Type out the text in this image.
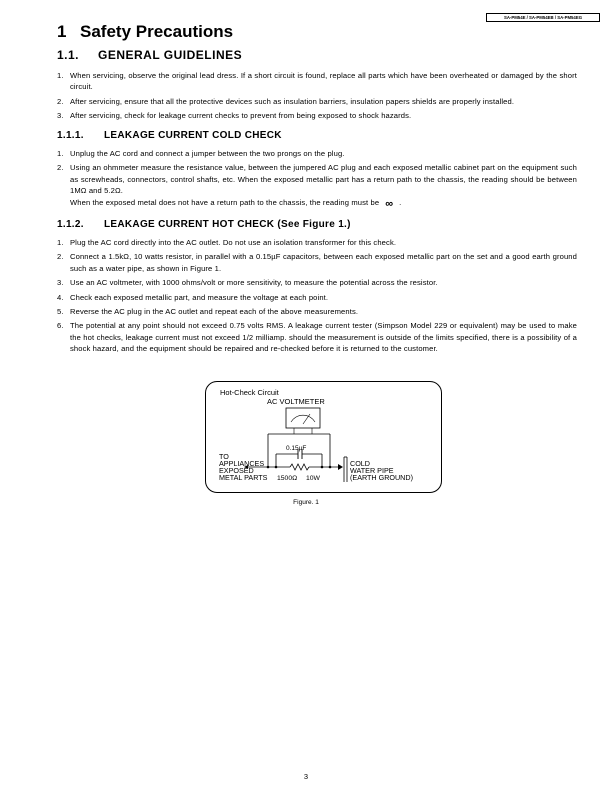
SA-PM54E / SA-PM54EB / SA-PM54EG
1 Safety Precautions
1.1. GENERAL GUIDELINES
1. When servicing, observe the original lead dress. If a short circuit is found, replace all parts which have been overheated or damaged by the short circuit.
2. After servicing, ensure that all the protective devices such as insulation barriers, insulation papers shields are properly installed.
3. After servicing, check for leakage current checks to prevent from being exposed to shock hazards.
1.1.1. LEAKAGE CURRENT COLD CHECK
1. Unplug the AC cord and connect a jumper between the two prongs on the plug.
2. Using an ohmmeter measure the resistance value, between the jumpered AC plug and each exposed metallic cabinet part on the equipment such as screwheads, connectors, control shafts, etc. When the exposed metallic part has a return path to the chassis, the reading should be between 1MΩ and 5.2Ω.
When the exposed metal does not have a return path to the chassis, the reading must be ∞ .
1.1.2. LEAKAGE CURRENT HOT CHECK (See Figure 1.)
1. Plug the AC cord directly into the AC outlet. Do not use an isolation transformer for this check.
2. Connect a 1.5kΩ, 10 watts resistor, in parallel with a 0.15µF capacitors, between each exposed metallic part on the set and a good earth ground such as a water pipe, as shown in Figure 1.
3. Use an AC voltmeter, with 1000 ohms/volt or more sensitivity, to measure the potential across the resistor.
4. Check each exposed metallic part, and measure the voltage at each point.
5. Reverse the AC plug in the AC outlet and repeat each of the above measurements.
6. The potential at any point should not exceed 0.75 volts RMS. A leakage current tester (Simpson Model 229 or equivalent) may be used to make the hot checks, leakage current must not exceed 1/2 milliamp. should the measurement is outside of the limits specified, there is a possibility of a shock hazard, and the equipment should be repaired and re-checked before it is returned to the customer.
Hot-Check Circuit
AC VOLTMETER
0.15µF
TO APPLIANCES EXPOSED METAL PARTS 1500Ω 10W
COLD WATER PIPE (EARTH GROUND)
Figure. 1
3
